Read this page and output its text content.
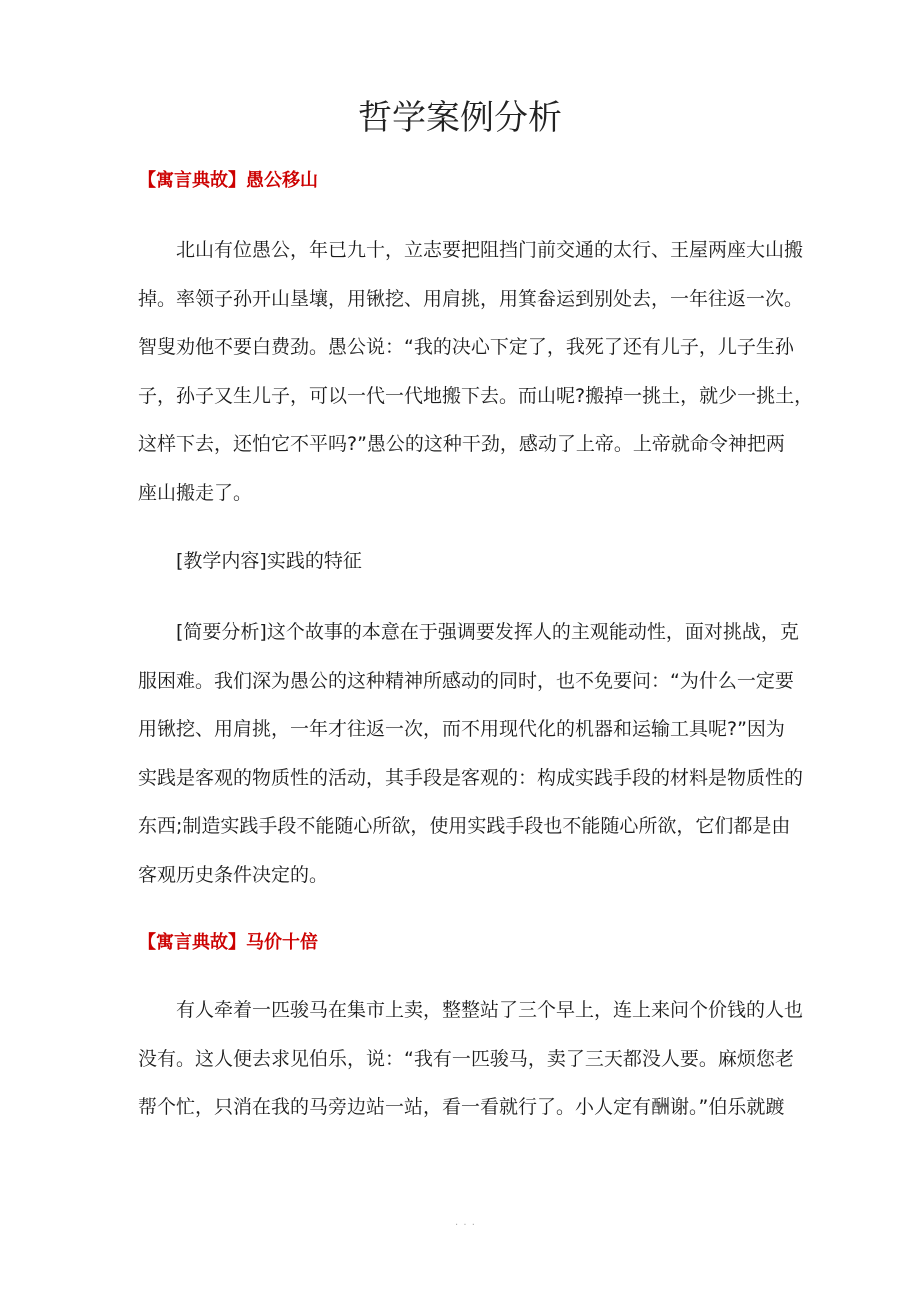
哲学案例分析
【寓言典故】愚公移山
北山有位愚公，年已九十，立志要把阻挡门前交通的太行、王屋两座大山搬
掉。率领子孙开山垦壤，用锹挖、用肩挑，用箕畚运到别处去，一年往返一次。
智叟劝他不要白费劲。愚公说：“我的决心下定了，我死了还有儿子，儿子生孙
子，孙子又生儿子，可以一代一代地搬下去。而山呢?搬掉一挑土，就少一挑土，
这样下去，还怕它不平吗?”愚公的这种干劲，感动了上帝。上帝就命令神把两
座山搬走了。
[教学内容]实践的特征
[简要分析]这个故事的本意在于强调要发挥人的主观能动性，面对挑战，克
服困难。我们深为愚公的这种精神所感动的同时，也不免要问：“为什么一定要
用锹挖、用肩挑，一年才往返一次，而不用现代化的机器和运输工具呢?”因为
实践是客观的物质性的活动，其手段是客观的：构成实践手段的材料是物质性的
东西;制造实践手段不能随心所欲，使用实践手段也不能随心所欲，它们都是由
客观历史条件决定的。
【寓言典故】马价十倍
有人牵着一匹骏马在集市上卖，整整站了三个早上，连上来问个价钱的人也
没有。这人便去求见伯乐，说：“我有一匹骏马，卖了三天都没人要。麻烦您老
帮个忙，只消在我的马旁边站一站，看一看就行了。小人定有酬谢。”伯乐就踱
· · ·
